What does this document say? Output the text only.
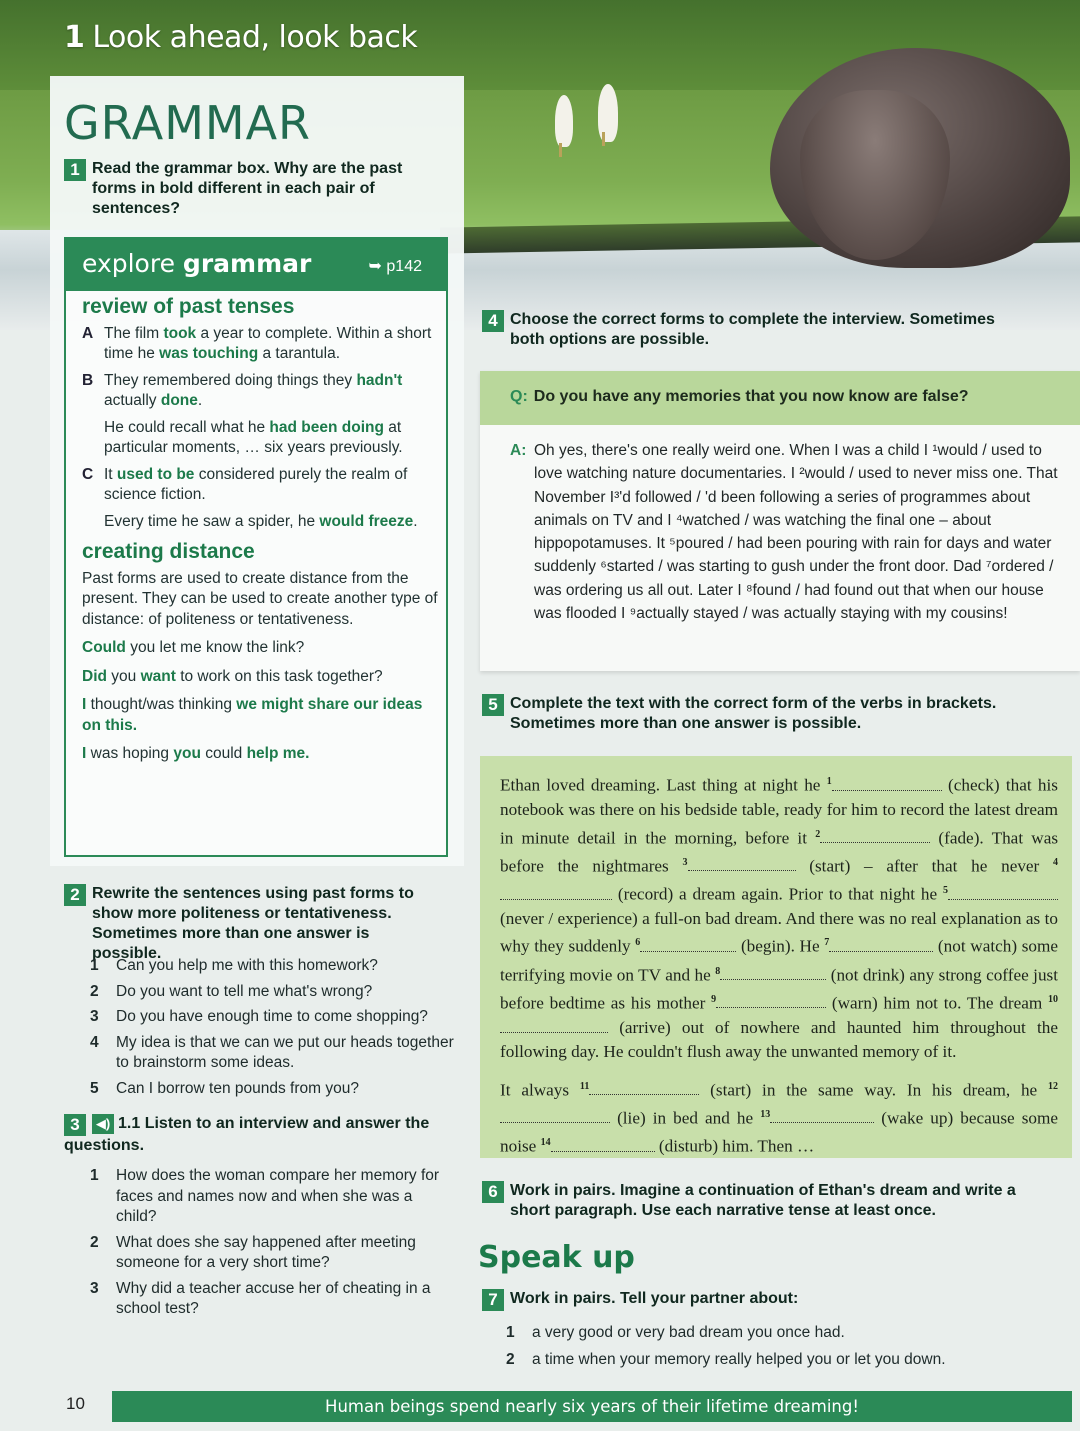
1 Look ahead, look back
GRAMMAR
1 Read the grammar box. Why are the past forms in bold different in each pair of sentences?
explore grammar	➥ p142
review of past tenses
A The film took a year to complete. Within a short time he was touching a tarantula.
B They remembered doing things they hadn't actually done.
He could recall what he had been doing at particular moments, … six years previously.
C It used to be considered purely the realm of science fiction.
Every time he saw a spider, he would freeze.
creating distance
Past forms are used to create distance from the present. They can be used to create another type of distance: of politeness or tentativeness.
Could you let me know the link?
Did you want to work on this task together?
I thought/was thinking we might share our ideas on this.
I was hoping you could help me.
2 Rewrite the sentences using past forms to show more politeness or tentativeness. Sometimes more than one answer is possible.
1 Can you help me with this homework?
2 Do you want to tell me what's wrong?
3 Do you have enough time to come shopping?
4 My idea is that we can we put our heads together to brainstorm some ideas.
5 Can I borrow ten pounds from you?
3 ◀) 1.1 Listen to an interview and answer the questions.
1 How does the woman compare her memory for faces and names now and when she was a child?
2 What does she say happened after meeting someone for a very short time?
3 Why did a teacher accuse her of cheating in a school test?
4 Choose the correct forms to complete the interview. Sometimes both options are possible.
Q: Do you have any memories that you now know are false?
A: Oh yes, there's one really weird one. When I was a child I ¹would / used to love watching nature documentaries. I ²would / used to never miss one. That November I³'d followed / 'd been following a series of programmes about animals on TV and I ⁴watched / was watching the final one – about hippopotamuses. It ⁵poured / had been pouring with rain for days and water suddenly ⁶started / was starting to gush under the front door. Dad ⁷ordered / was ordering us all out. Later I ⁸found / had found out that when our house was flooded I ⁹actually stayed / was actually staying with my cousins!
5 Complete the text with the correct form of the verbs in brackets. Sometimes more than one answer is possible.

Ethan loved dreaming. Last thing at night he $^1$	(check) that his notebook was there on his bedside table, ready for him to record the latest dream in minute detail in the morning, before it $^2$	(fade). That was before the nightmares $^3$	(start) – after that he never $^4$ (record) a dream again. Prior to that night he $^5$ (never / experience) a full-on bad dream. And there was no real explanation as to why they suddenly $^6$	(begin). He $^7$	(not watch) some terrifying movie on TV and he $^8$	(not drink) any strong coffee just before bedtime as his mother $^9$	(warn) him not to. The dream $^{10}$ (arrive) out of nowhere and haunted him throughout the following day. He couldn't flush away the unwanted memory of it.

It always $^{11}$	(start) in the same way. In his dream, he $^{12}$ (lie) in bed and he $^{13}$	(wake up) because some noise $^{14}$	(disturb) him. Then …

6 Work in pairs. Imagine a continuation of Ethan's dream and write a short paragraph. Use each narrative tense at least once.
Speak up
7 Work in pairs. Tell your partner about:
1 a very good or very bad dream you once had.
2 a time when your memory really helped you or let you down.
10	Human beings spend nearly six years of their lifetime dreaming!
